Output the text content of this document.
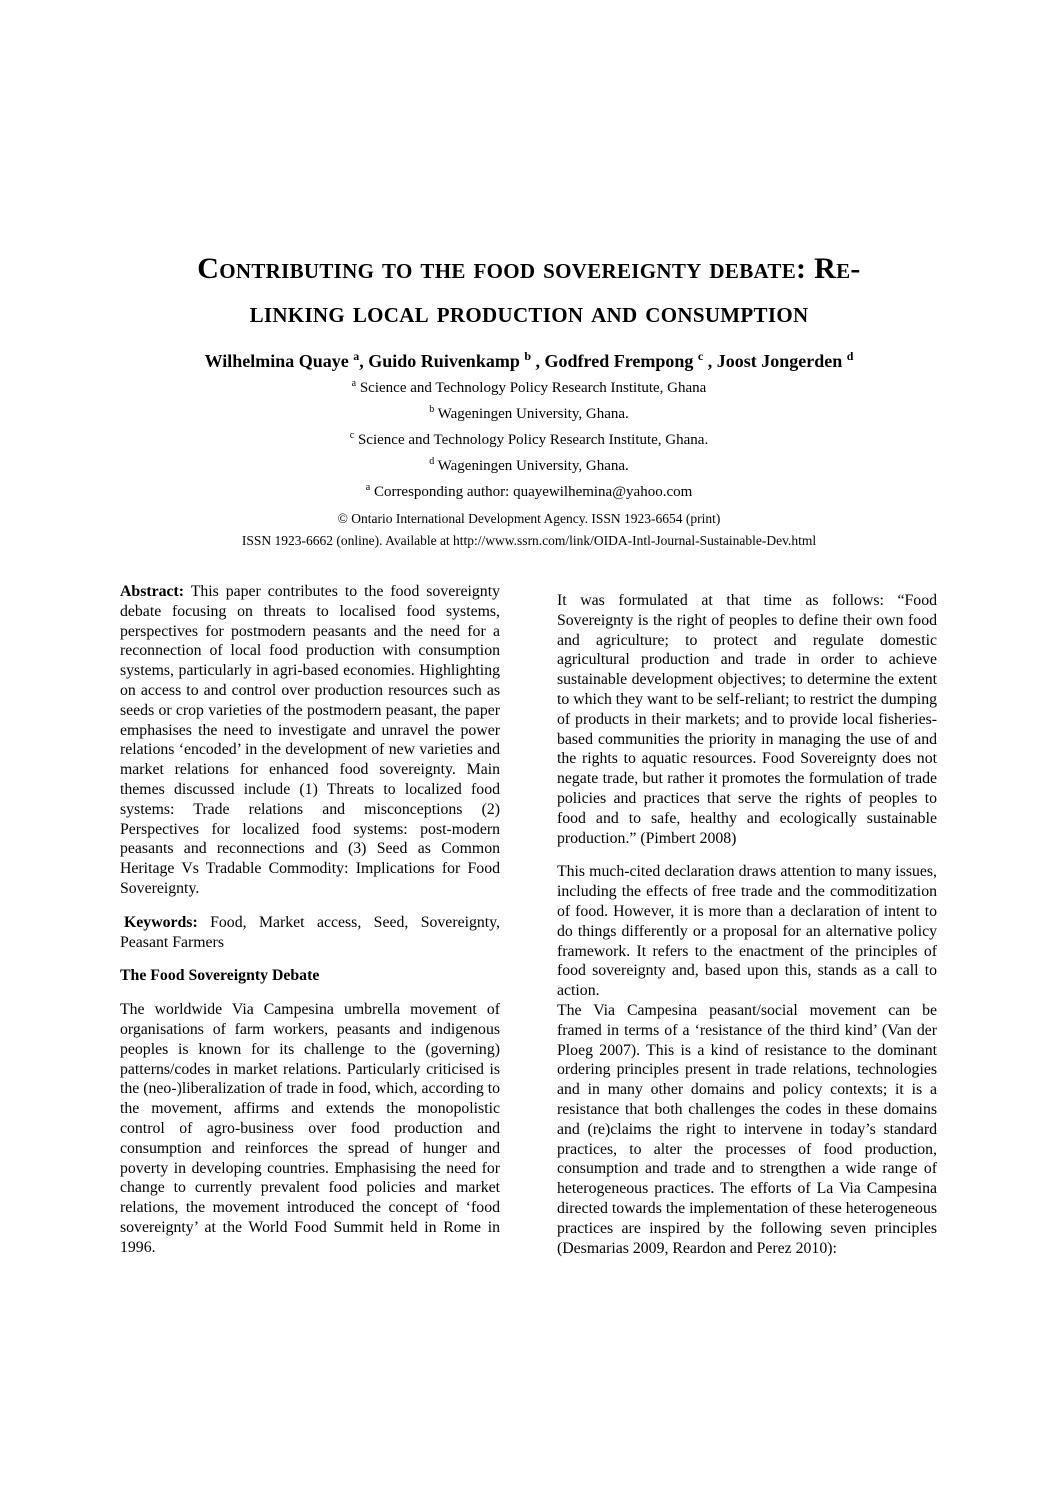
Contributing to the food sovereignty debate: Re-
linking local production and consumption
Wilhelmina Quaye $^a$, Guido Ruivenkamp $^b$ , Godfred Frempong $^c$ , Joost Jongerden $^d$
$^a$ Science and Technology Policy Research Institute, Ghana
$^b$ Wageningen University, Ghana.
$^c$ Science and Technology Policy Research Institute, Ghana.
$^d$ Wageningen University, Ghana.
$^a$ Corresponding author: quayewilhemina@yahoo.com
© Ontario International Development Agency. ISSN 1923-6654 (print)
ISSN 1923-6662 (online). Available at http://www.ssrn.com/link/OIDA-Intl-Journal-Sustainable-Dev.html

Abstract: This paper contributes to the food sovereignty debate focusing on threats to localised food systems, perspectives for postmodern peasants and the need for a reconnection of local food production with consumption systems, particularly in agri-based economies. Highlighting on access to and control over production resources such as seeds or crop varieties of the postmodern peasant, the paper emphasises the need to investigate and unravel the power relations ‘encoded’ in the development of new varieties and market relations for enhanced food sovereignty. Main themes discussed include (1) Threats to localized food systems: Trade relations and misconceptions (2) Perspectives for localized food systems: post-modern peasants and reconnections and (3) Seed as Common Heritage Vs Tradable Commodity: Implications for Food Sovereignty.

Keywords: Food, Market access, Seed, Sovereignty, Peasant Farmers

The Food Sovereignty Debate

The worldwide Via Campesina umbrella movement of organisations of farm workers, peasants and indigenous peoples is known for its challenge to the (governing) patterns/codes in market relations. Particularly criticised is the (neo-)liberalization of trade in food, which, according to the movement, affirms and extends the monopolistic control of agro-business over food production and consumption and reinforces the spread of hunger and poverty in developing countries. Emphasising the need for change to currently prevalent food policies and market relations, the movement introduced the concept of ‘food sovereignty’ at the World Food Summit held in Rome in 1996.

It was formulated at that time as follows: “Food Sovereignty is the right of peoples to define their own food and agriculture; to protect and regulate domestic agricultural production and trade in order to achieve sustainable development objectives; to determine the extent to which they want to be self-reliant; to restrict the dumping of products in their markets; and to provide local fisheries-based communities the priority in managing the use of and the rights to aquatic resources. Food Sovereignty does not negate trade, but rather it promotes the formulation of trade policies and practices that serve the rights of peoples to food and to safe, healthy and ecologically sustainable production.” (Pimbert 2008)

This much-cited declaration draws attention to many issues, including the effects of free trade and the commoditization of food. However, it is more than a declaration of intent to do things differently or a proposal for an alternative policy framework. It refers to the enactment of the principles of food sovereignty and, based upon this, stands as a call to action.

The Via Campesina peasant/social movement can be framed in terms of a ‘resistance of the third kind’ (Van der Ploeg 2007). This is a kind of resistance to the dominant ordering principles present in trade relations, technologies and in many other domains and policy contexts; it is a resistance that both challenges the codes in these domains and (re)claims the right to intervene in today’s standard practices, to alter the processes of food production, consumption and trade and to strengthen a wide range of heterogeneous practices. The efforts of La Via Campesina directed towards the implementation of these heterogeneous practices are inspired by the following seven principles (Desmarias 2009, Reardon and Perez 2010):
